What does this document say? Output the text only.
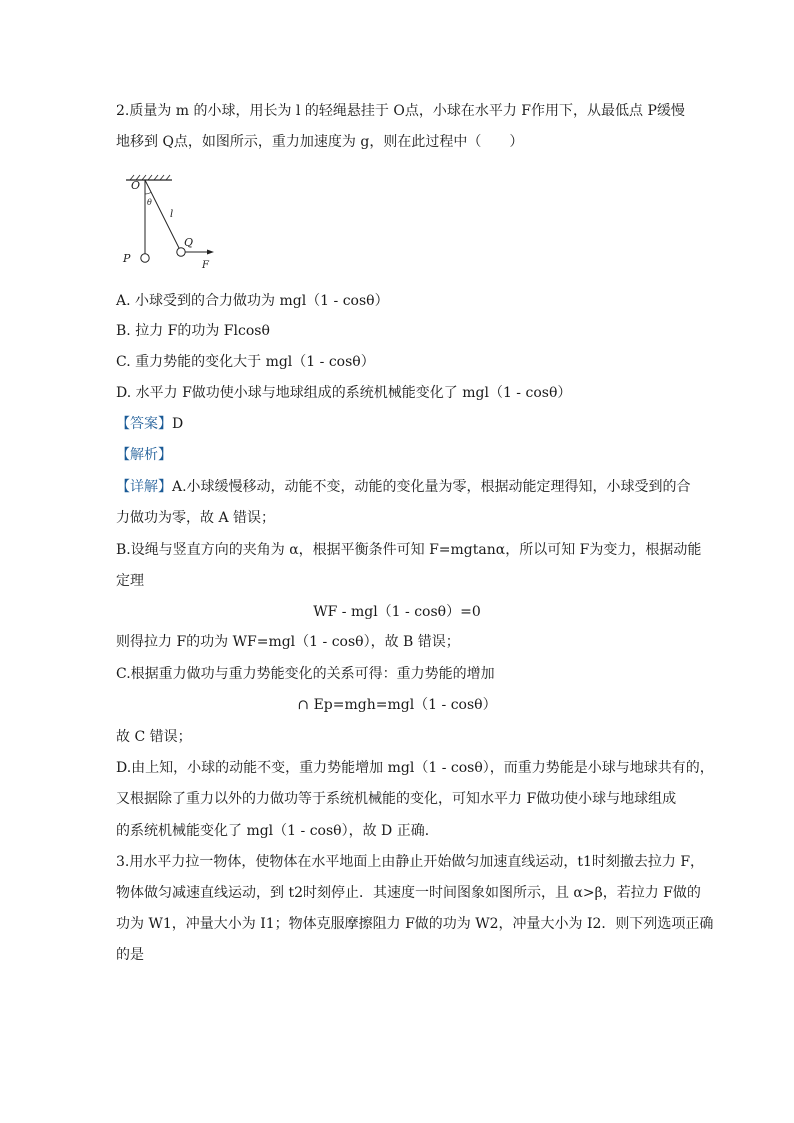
2.质量为 m 的小球，用长为 l 的轻绳悬挂于 O点，小球在水平力 F作用下，从最低点 P缓慢
地移到 Q点，如图所示，重力加速度为 g，则在此过程中（　　）
O
θ
l
Q
P
F
A. 小球受到的合力做功为 mgl（1 - cosθ）
B. 拉力 F的功为 Flcosθ
C. 重力势能的变化大于 mgl（1 - cosθ）
D. 水平力 F做功使小球与地球组成的系统机械能变化了 mgl（1 - cosθ）
【答案】D
【解析】
【详解】A.小球缓慢移动，动能不变，动能的变化量为零，根据动能定理得知，小球受到的合
力做功为零，故 A 错误；
B.设绳与竖直方向的夹角为 α，根据平衡条件可知 F=mgtanα，所以可知 F为变力，根据动能
定理
WF - mgl（1 - cosθ）=0
则得拉力 F的功为 WF=mgl（1 - cosθ），故 B 错误；
C.根据重力做功与重力势能变化的关系可得：重力势能的增加
∩ Ep=mgh=mgl（1 - cosθ）
故 C 错误；
D.由上知，小球的动能不变，重力势能增加 mgl（1 - cosθ），而重力势能是小球与地球共有的，
又根据除了重力以外的力做功等于系统机械能的变化，可知水平力 F做功使小球与地球组成
的系统机械能变化了 mgl（1 - cosθ），故 D 正确．
3.用水平力拉一物体，使物体在水平地面上由静止开始做匀加速直线运动，t1时刻撤去拉力 F，
物体做匀减速直线运动，到 t2时刻停止．其速度一时间图象如图所示，且 α>β，若拉力 F做的
功为 W1，冲量大小为 I1；物体克服摩擦阻力 F做的功为 W2，冲量大小为 I2．则下列选项正确
的是
